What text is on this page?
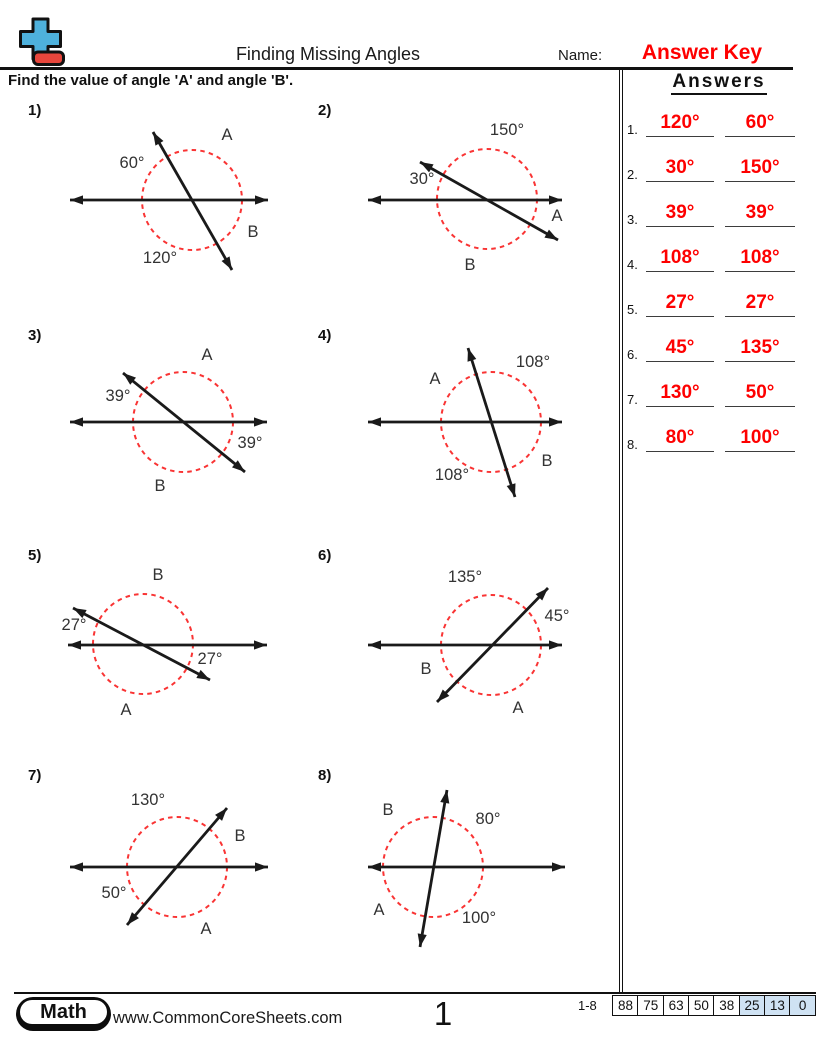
Finding Missing Angles	Name:	Answer Key
Find the value of angle 'A' and angle 'B'.	Answers
1. 120° 60°
2. 30° 150°
3. 39°	39°
4. 108° 108°
5. 27°	27°
6. 45° 135°
7. 130° 50°
8. 80° 100°
1)
60°
A
B
120°
2)
150°
30°
A
B
3)
39°
A
39°
B
4)
108°
A
B
108°
5)
B
27°
27°
A
6)
135°
45°
B
A
7)
130°
B
50°
A
8)
B	80°
A	100°
Math	www.CommonCoreSheets.com	1	1-8	88 75 63 50 38 25 13	0
